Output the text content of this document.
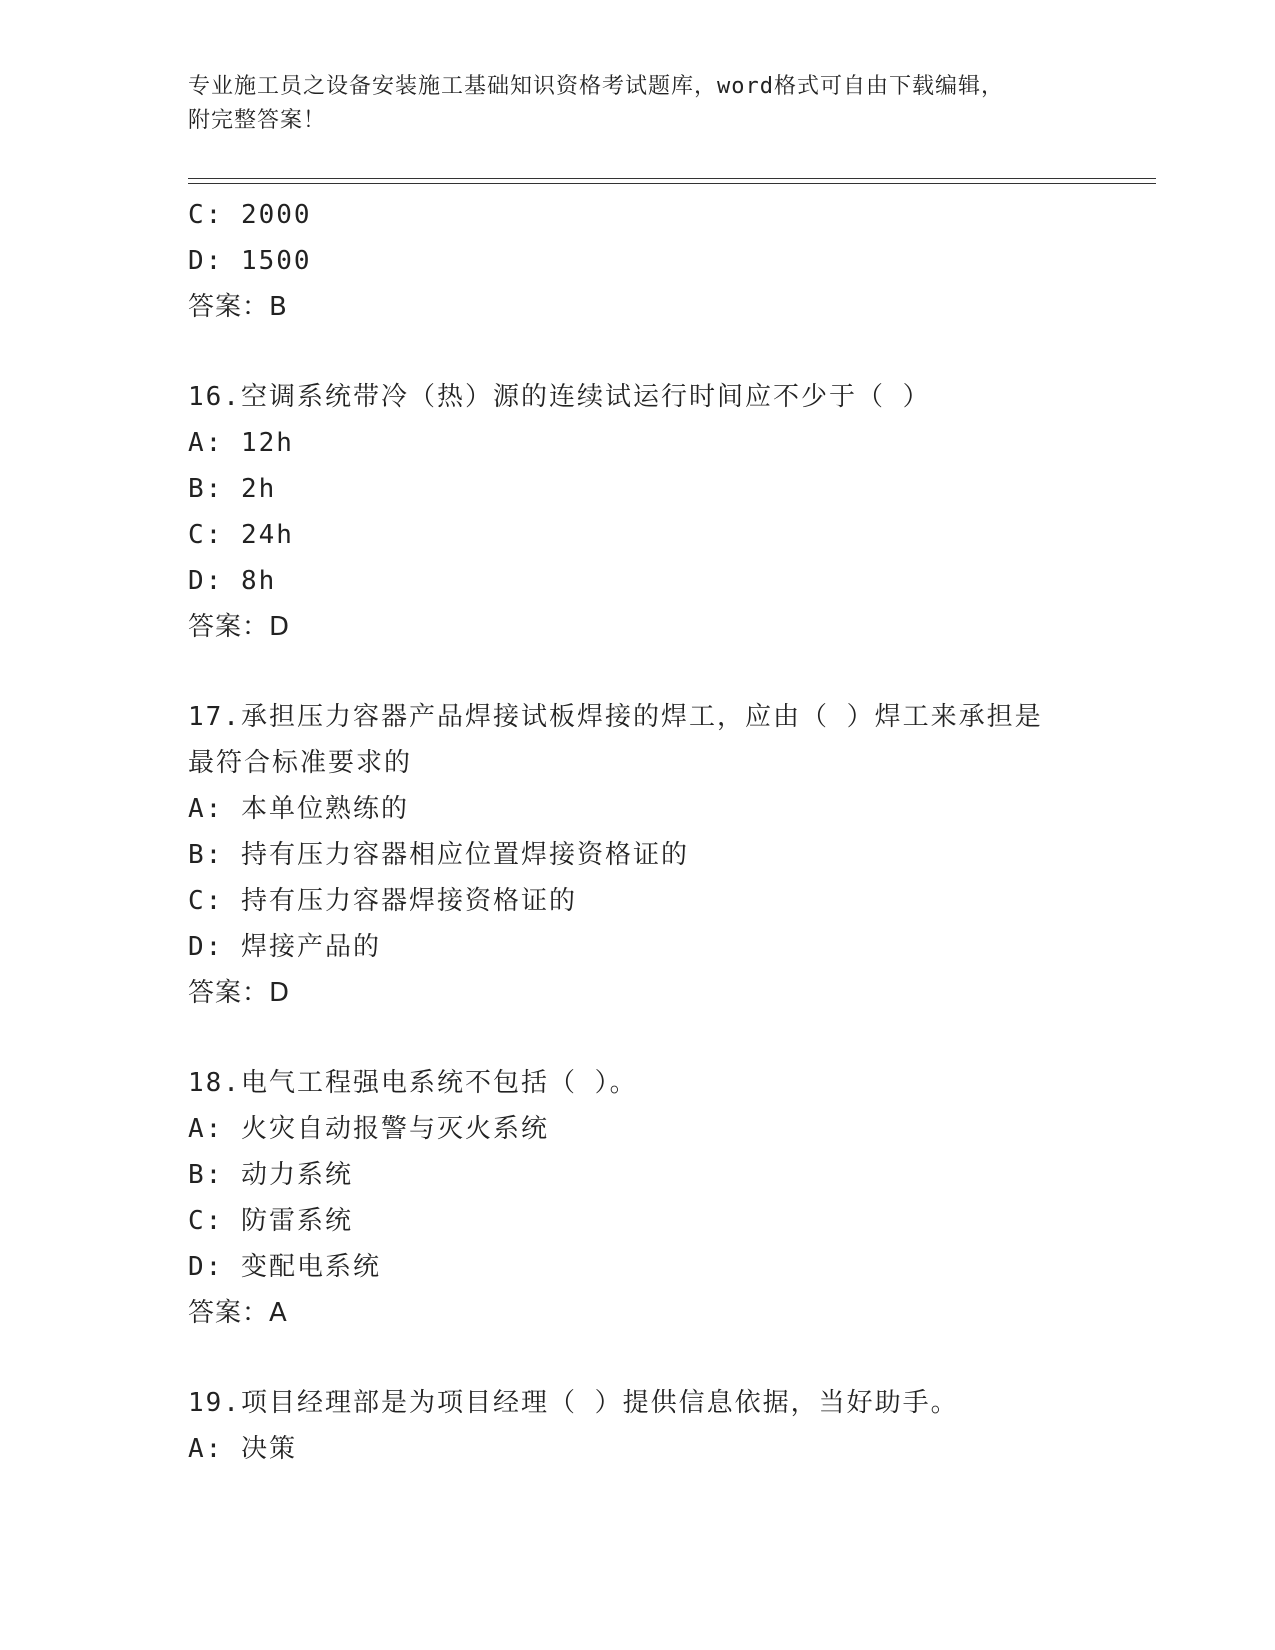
专业施工员之设备安装施工基础知识资格考试题库，word格式可自由下载编辑，
附完整答案！
C: 2000
D: 1500
答案：B
16.空调系统带冷（热）源的连续试运行时间应不少于（ ）
A: 12h
B: 2h
C: 24h
D: 8h
答案：D
17.承担压力容器产品焊接试板焊接的焊工，应由（ ）焊工来承担是
最符合标准要求的
A: 本单位熟练的
B: 持有压力容器相应位置焊接资格证的
C: 持有压力容器焊接资格证的
D: 焊接产品的
答案：D
18.电气工程强电系统不包括（ ）。
A: 火灾自动报警与灭火系统
B: 动力系统
C: 防雷系统
D: 变配电系统
答案：A
19.项目经理部是为项目经理（ ）提供信息依据，当好助手。
A: 决策
